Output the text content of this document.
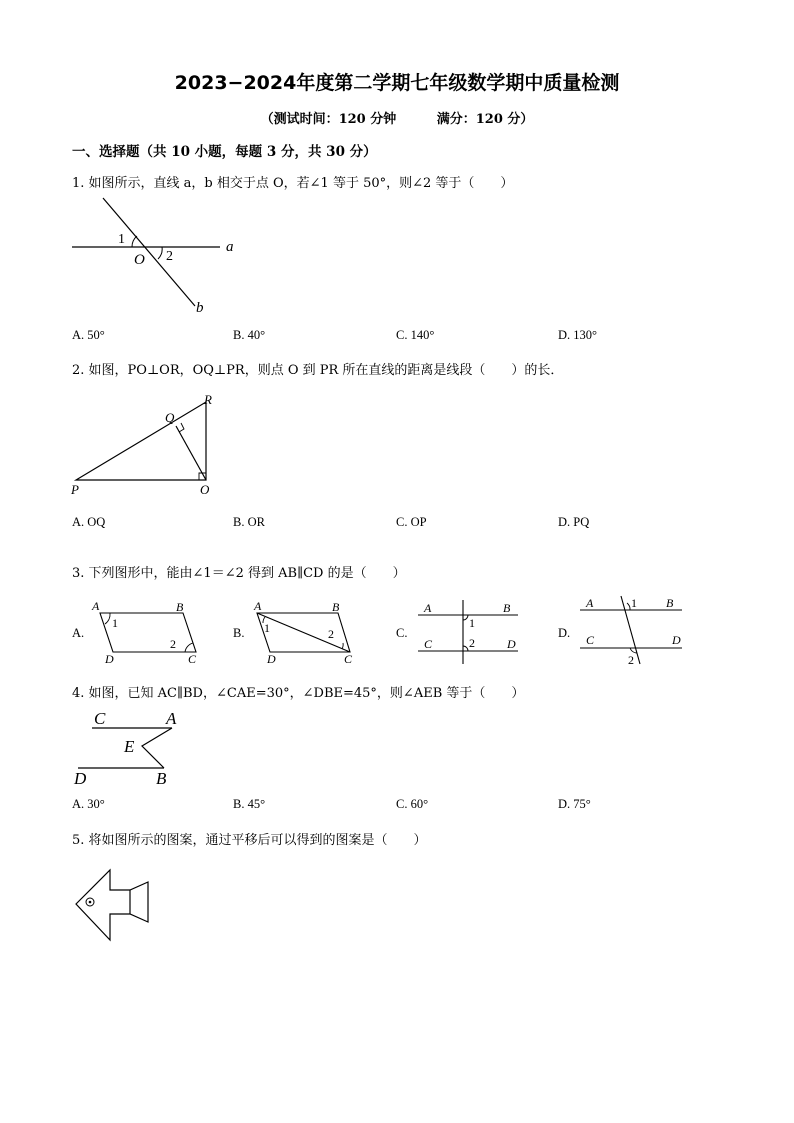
2023−2024年度第二学期七年级数学期中质量检测
（测试时间：120 分钟	满分：120 分）
一、选择题（共 10 小题，每题 3 分，共 30 分）
1. 如图所示，直线 a，b 相交于点 O，若∠1 等于 50°，则∠2 等于（　　）
1
2
O
a
b
A. 50°	B. 40°	C. 140°	D. 130°
2. 如图，PO⊥OR，OQ⊥PR，则点 O 到 PR 所在直线的距离是线段（　　）的长．
P
Q
R
O
A. OQ	B. OR	C. OP	D. PQ
3. 下列图形中，能由∠1＝∠2 得到 AB∥CD 的是（　　）
A.
A	B
C
D
1
2
B.
A	B
C
D
1	2	C.
A	B
C	D
1
2
D.
A	B
C	D
1
2
4. 如图，已知 AC∥BD，∠CAE=30°，∠DBE=45°，则∠AEB 等于（　　）
C	A
E
D	B
A. 30°	B. 45°	C. 60°	D. 75°
5. 将如图所示的图案，通过平移后可以得到的图案是（　　）
